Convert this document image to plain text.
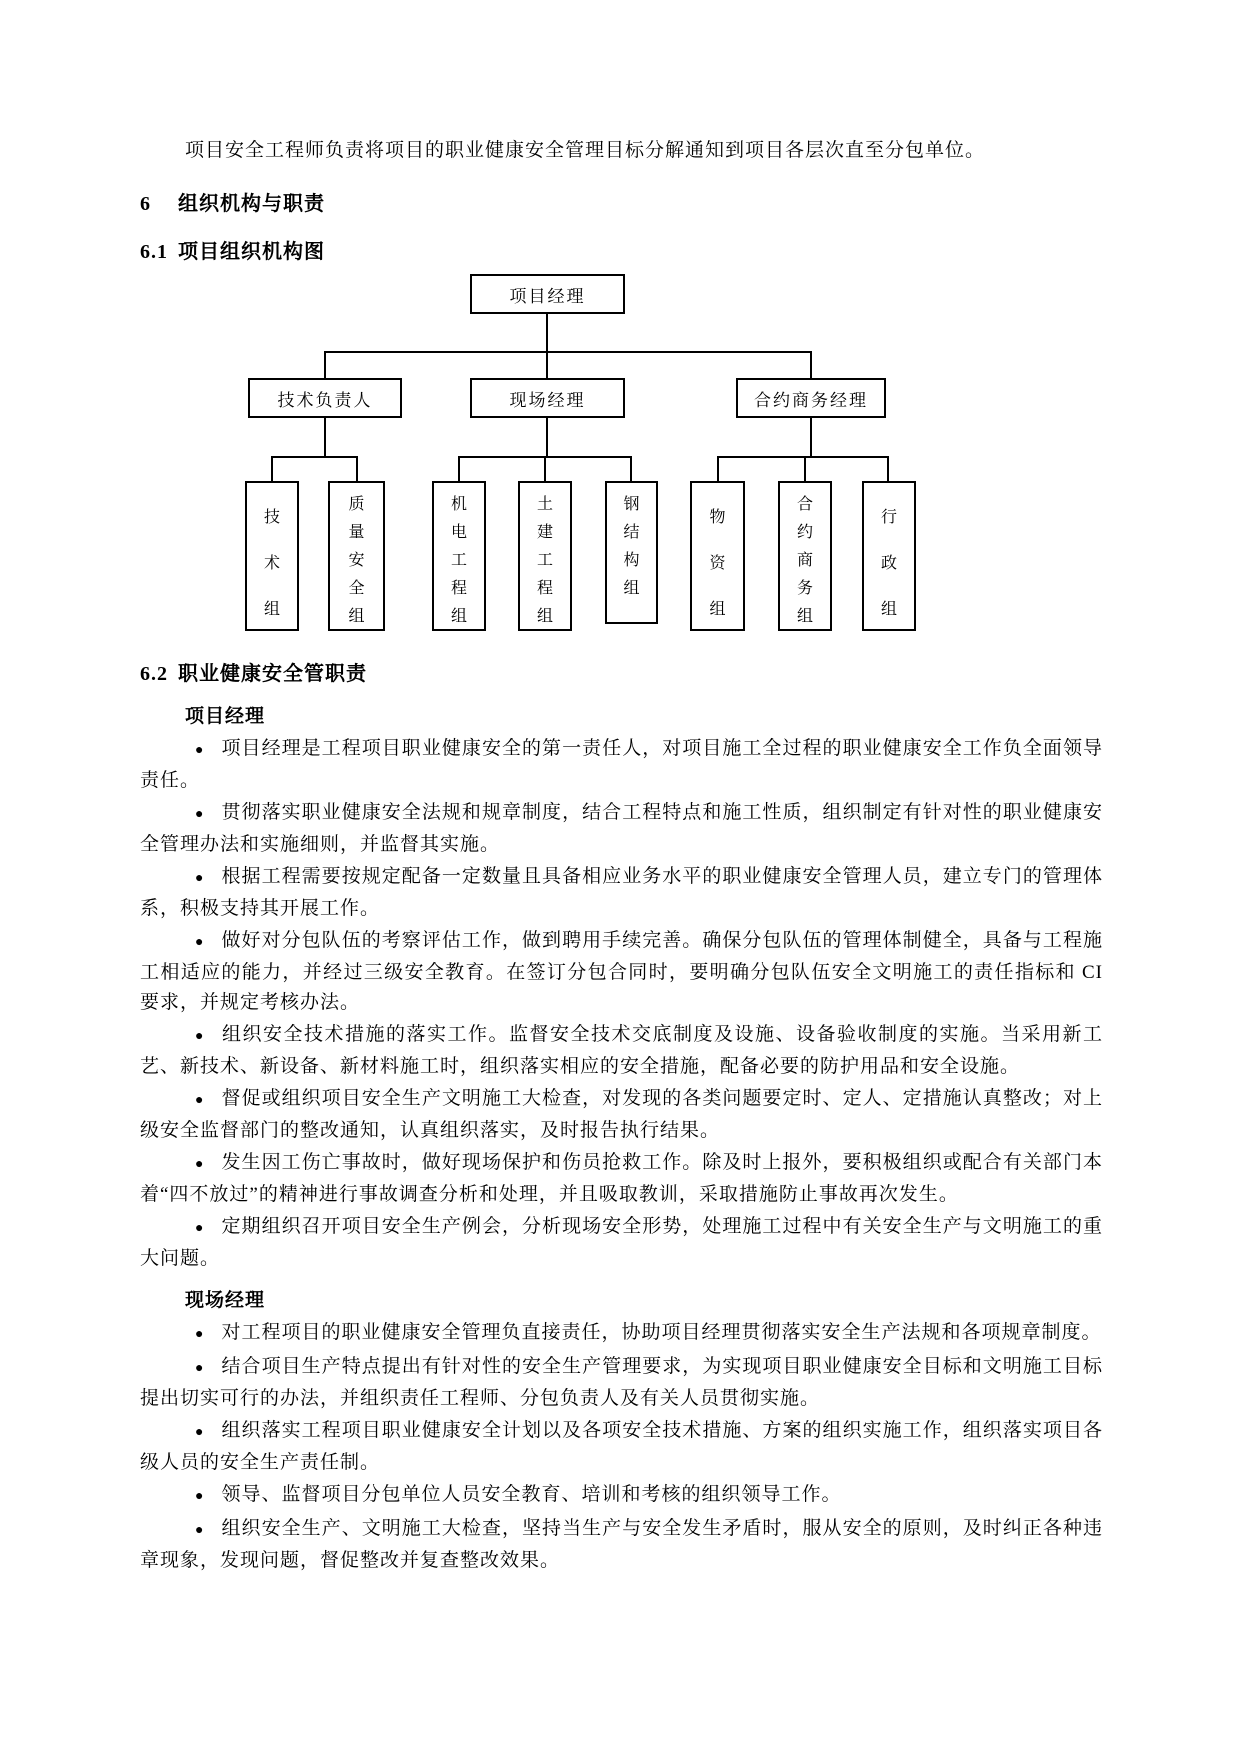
项目安全工程师负责将项目的职业健康安全管理目标分解通知到项目各层次直至分包单位。

6 组织机构与职责

6.1 项目组织机构图

项目经理
技术负责人	现场经理	合约商务经理
技术组
质量安全组
机电工程组
土建工程组
钢结构组
物资组
合约商务组
行政组

6.2 职业健康安全管职责

项目经理

● 项目经理是工程项目职业健康安全的第一责任人，对项目施工全过程的职业健康安全工作负全面领导责任。

● 贯彻落实职业健康安全法规和规章制度，结合工程特点和施工性质，组织制定有针对性的职业健康安全管理办法和实施细则，并监督其实施。

● 根据工程需要按规定配备一定数量且具备相应业务水平的职业健康安全管理人员，建立专门的管理体系，积极支持其开展工作。

● 做好对分包队伍的考察评估工作，做到聘用手续完善。确保分包队伍的管理体制健全，具备与工程施工相适应的能力，并经过三级安全教育。在签订分包合同时，要明确分包队伍安全文明施工的责任指标和 CI 要求，并规定考核办法。

● 组织安全技术措施的落实工作。监督安全技术交底制度及设施、设备验收制度的实施。当采用新工艺、新技术、新设备、新材料施工时，组织落实相应的安全措施，配备必要的防护用品和安全设施。

● 督促或组织项目安全生产文明施工大检查，对发现的各类问题要定时、定人、定措施认真整改；对上级安全监督部门的整改通知，认真组织落实，及时报告执行结果。

● 发生因工伤亡事故时，做好现场保护和伤员抢救工作。除及时上报外，要积极组织或配合有关部门本着“四不放过”的精神进行事故调查分析和处理，并且吸取教训，采取措施防止事故再次发生。

● 定期组织召开项目安全生产例会，分析现场安全形势，处理施工过程中有关安全生产与文明施工的重大问题。

现场经理

● 对工程项目的职业健康安全管理负直接责任，协助项目经理贯彻落实安全生产法规和各项规章制度。

● 结合项目生产特点提出有针对性的安全生产管理要求，为实现项目职业健康安全目标和文明施工目标提出切实可行的办法，并组织责任工程师、分包负责人及有关人员贯彻实施。

● 组织落实工程项目职业健康安全计划以及各项安全技术措施、方案的组织实施工作，组织落实项目各级人员的安全生产责任制。

● 领导、监督项目分包单位人员安全教育、培训和考核的组织领导工作。

● 组织安全生产、文明施工大检查，坚持当生产与安全发生矛盾时，服从安全的原则，及时纠正各种违章现象，发现问题，督促整改并复查整改效果。
